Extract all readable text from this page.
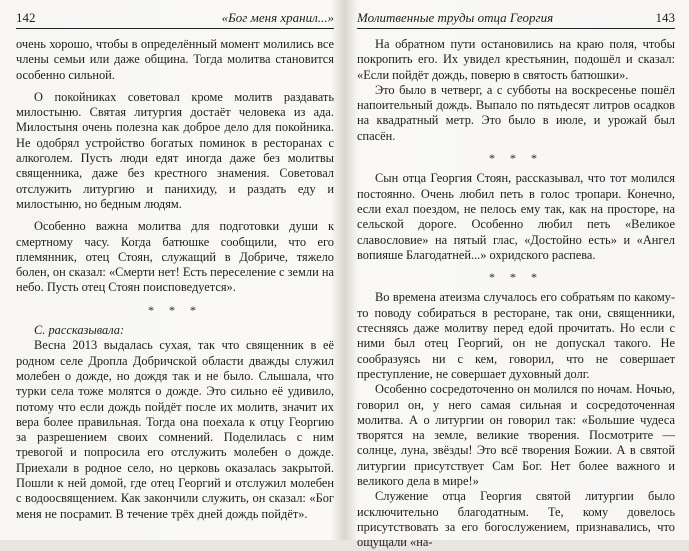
142	«Бог меня хранил...»

очень хорошо, чтобы в определённый момент молились все члены семьи или даже община. Тогда молитва становится особенно сильной.

О покойниках советовал кроме молитв раздавать милостыню. Святая литургия достаёт человека из ада. Милостыня очень полезна как доброе дело для покойника. Не одобрял устройство богатых поминок в ресторанах с алкоголем. Пусть люди едят иногда даже без молитвы священника, даже без крестного знамения. Советовал отслужить литургию и панихиду, и раздать еду и милостыню, но бедным людям.

Особенно важна молитва для подготовки души к смертному часу. Когда батюшке сообщили, что его племянник, отец Стоян, служащий в Добриче, тяжело болен, он сказал: «Смерти нет! Есть переселение с земли на небо. Пусть отец Стоян поисповедуется».

* * *

С. рассказывала:

Весна 2013 выдалась сухая, так что священник в её родном селе Дропла Добричской области дважды служил молебен о дожде, но дождя так и не было. Слышала, что турки села тоже молятся о дожде. Это сильно её удивило, потому что если дождь пойдёт после их молитв, значит их вера более правильная. Тогда она поехала к отцу Георгию за разрешением своих сомнений. Поделилась с ним тревогой и попросила его отслужить молебен о дожде. Приехали в родное село, но церковь оказалась закрытой. Пошли к ней домой, где отец Георгий и отслужил молебен с водоосвящением. Как закончили служить, он сказал: «Бог меня не посрамит. В течение трёх дней дождь пойдёт».

Молитвенные труды отца Георгия	143

На обратном пути остановились на краю поля, чтобы покропить его. Их увидел крестьянин, подошёл и сказал: «Если пойдёт дождь, поверю в святость батюшки».

Это было в четверг, а с субботы на воскресенье пошёл напоительный дождь. Выпало по пятьдесят литров осадков на квадратный метр. Это было в июле, и урожай был спасён.

* * *

Сын отца Георгия Стоян, рассказывал, что тот молился постоянно. Очень любил петь в голос тропари. Конечно, если ехал поездом, не пелось ему так, как на просторе, на сельской дороге. Особенно любил петь «Великое славословие» на пятый глас, «Достойно есть» и «Ангел вопияше Благодатней...» охридского распева.

* * *

Во времена атеизма случалось его собратьям по какому-то поводу собираться в ресторане, так они, священники, стесняясь даже молитву перед едой прочитать. Но если с ними был отец Георгий, он не допускал такого. Не сообразуясь ни с кем, говорил, что не совершает преступление, не совершает духовный долг.

Особенно сосредоточенно он молился по ночам. Ночью, говорил он, у него самая сильная и сосредоточенная молитва. А о литургии он говорил так: «Большие чудеса творятся на земле, великие творения. Посмотрите — солнце, луна, звёзды! Это всё творения Божии. А в святой литургии присутствует Сам Бог. Нет более важного и великого дела в мире!»

Служение отца Георгия святой литургии было исключительно благодатным. Те, кому довелось присутствовать за его богослужением, признавались, что ощущали «на-
